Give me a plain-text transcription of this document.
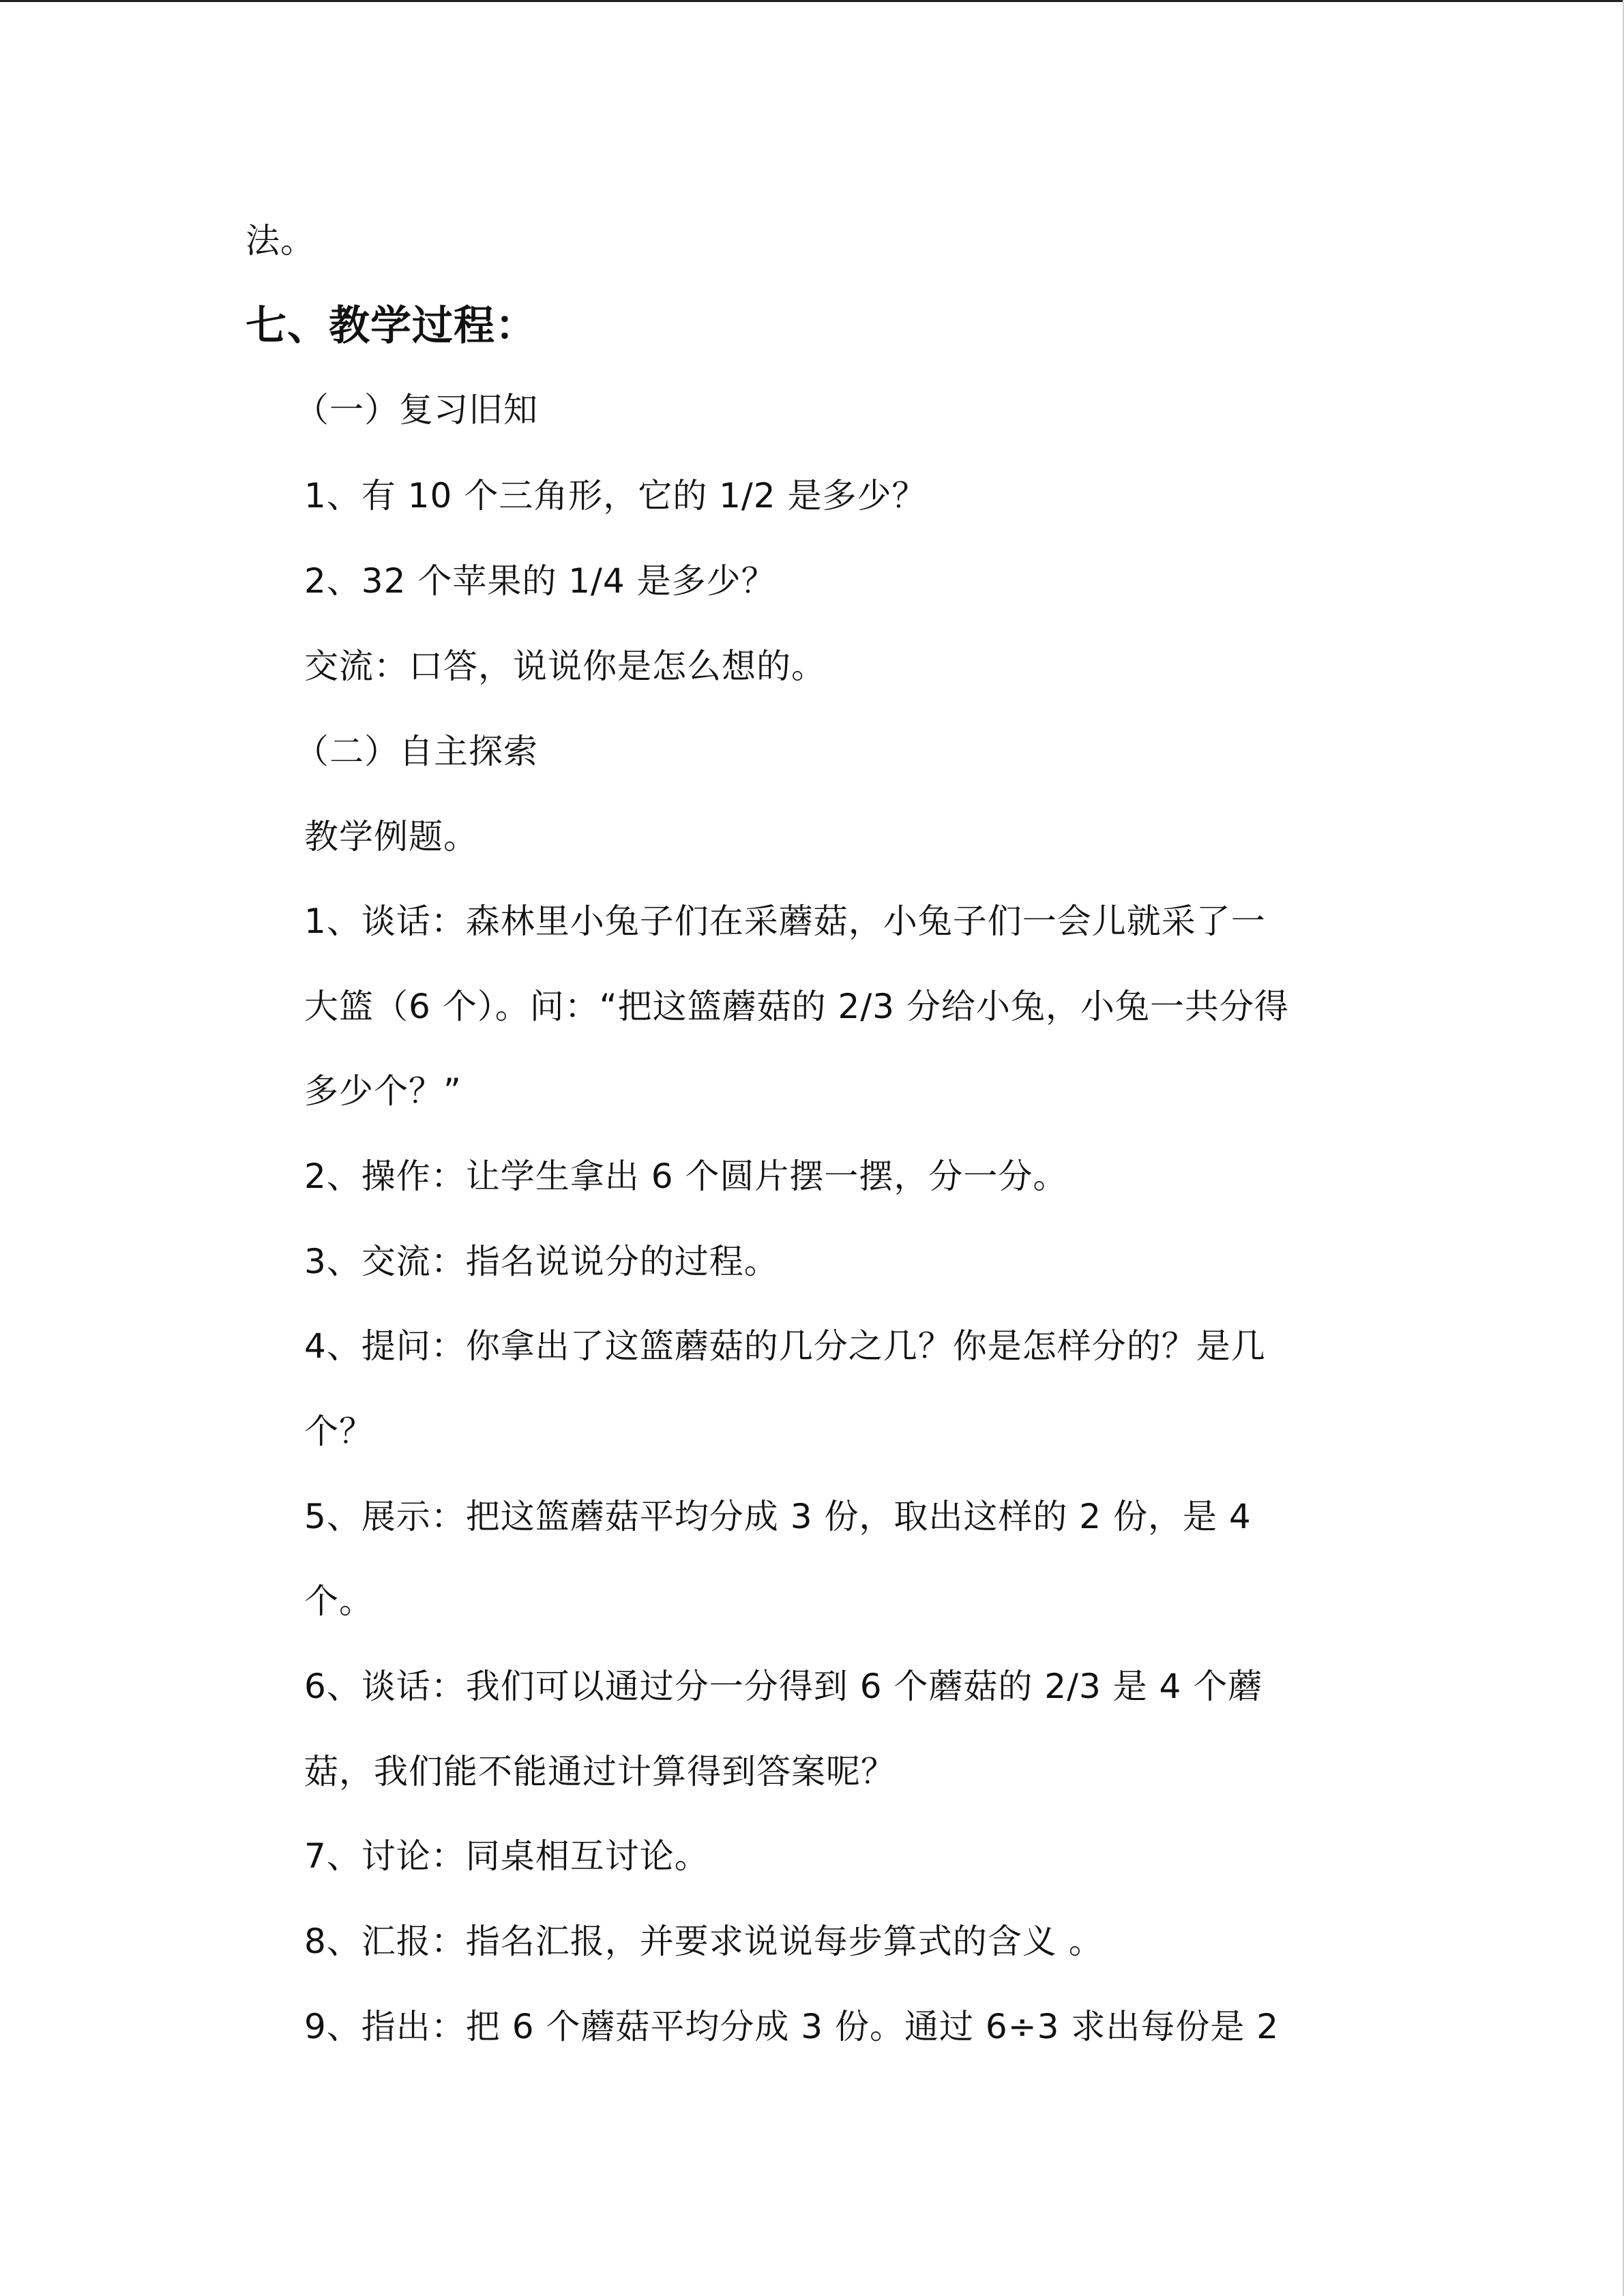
法。
七、教学过程：
（一）复习旧知
1、有 10 个三角形，它的 1/2 是多少？
2、32 个苹果的 1/4 是多少？
交流：口答，说说你是怎么想的。
（二）自主探索
教学例题。
1、谈话：森林里小兔子们在采蘑菇，小兔子们一会儿就采了一
大篮（6 个）。问：“把这篮蘑菇的 2/3 分给小兔，小兔一共分得
多少个？”
2、操作：让学生拿出 6 个圆片摆一摆，分一分。
3、交流：指名说说分的过程。
4、提问：你拿出了这篮蘑菇的几分之几？你是怎样分的？是几
个？
5、展示：把这篮蘑菇平均分成 3 份，取出这样的 2 份，是 4
个。
6、谈话：我们可以通过分一分得到 6 个蘑菇的 2/3 是 4 个蘑
菇，我们能不能通过计算得到答案呢？
7、讨论：同桌相互讨论。
8、汇报：指名汇报，并要求说说每步算式的含义 。
9、指出：把 6 个蘑菇平均分成 3 份。通过 6÷3 求出每份是 2
